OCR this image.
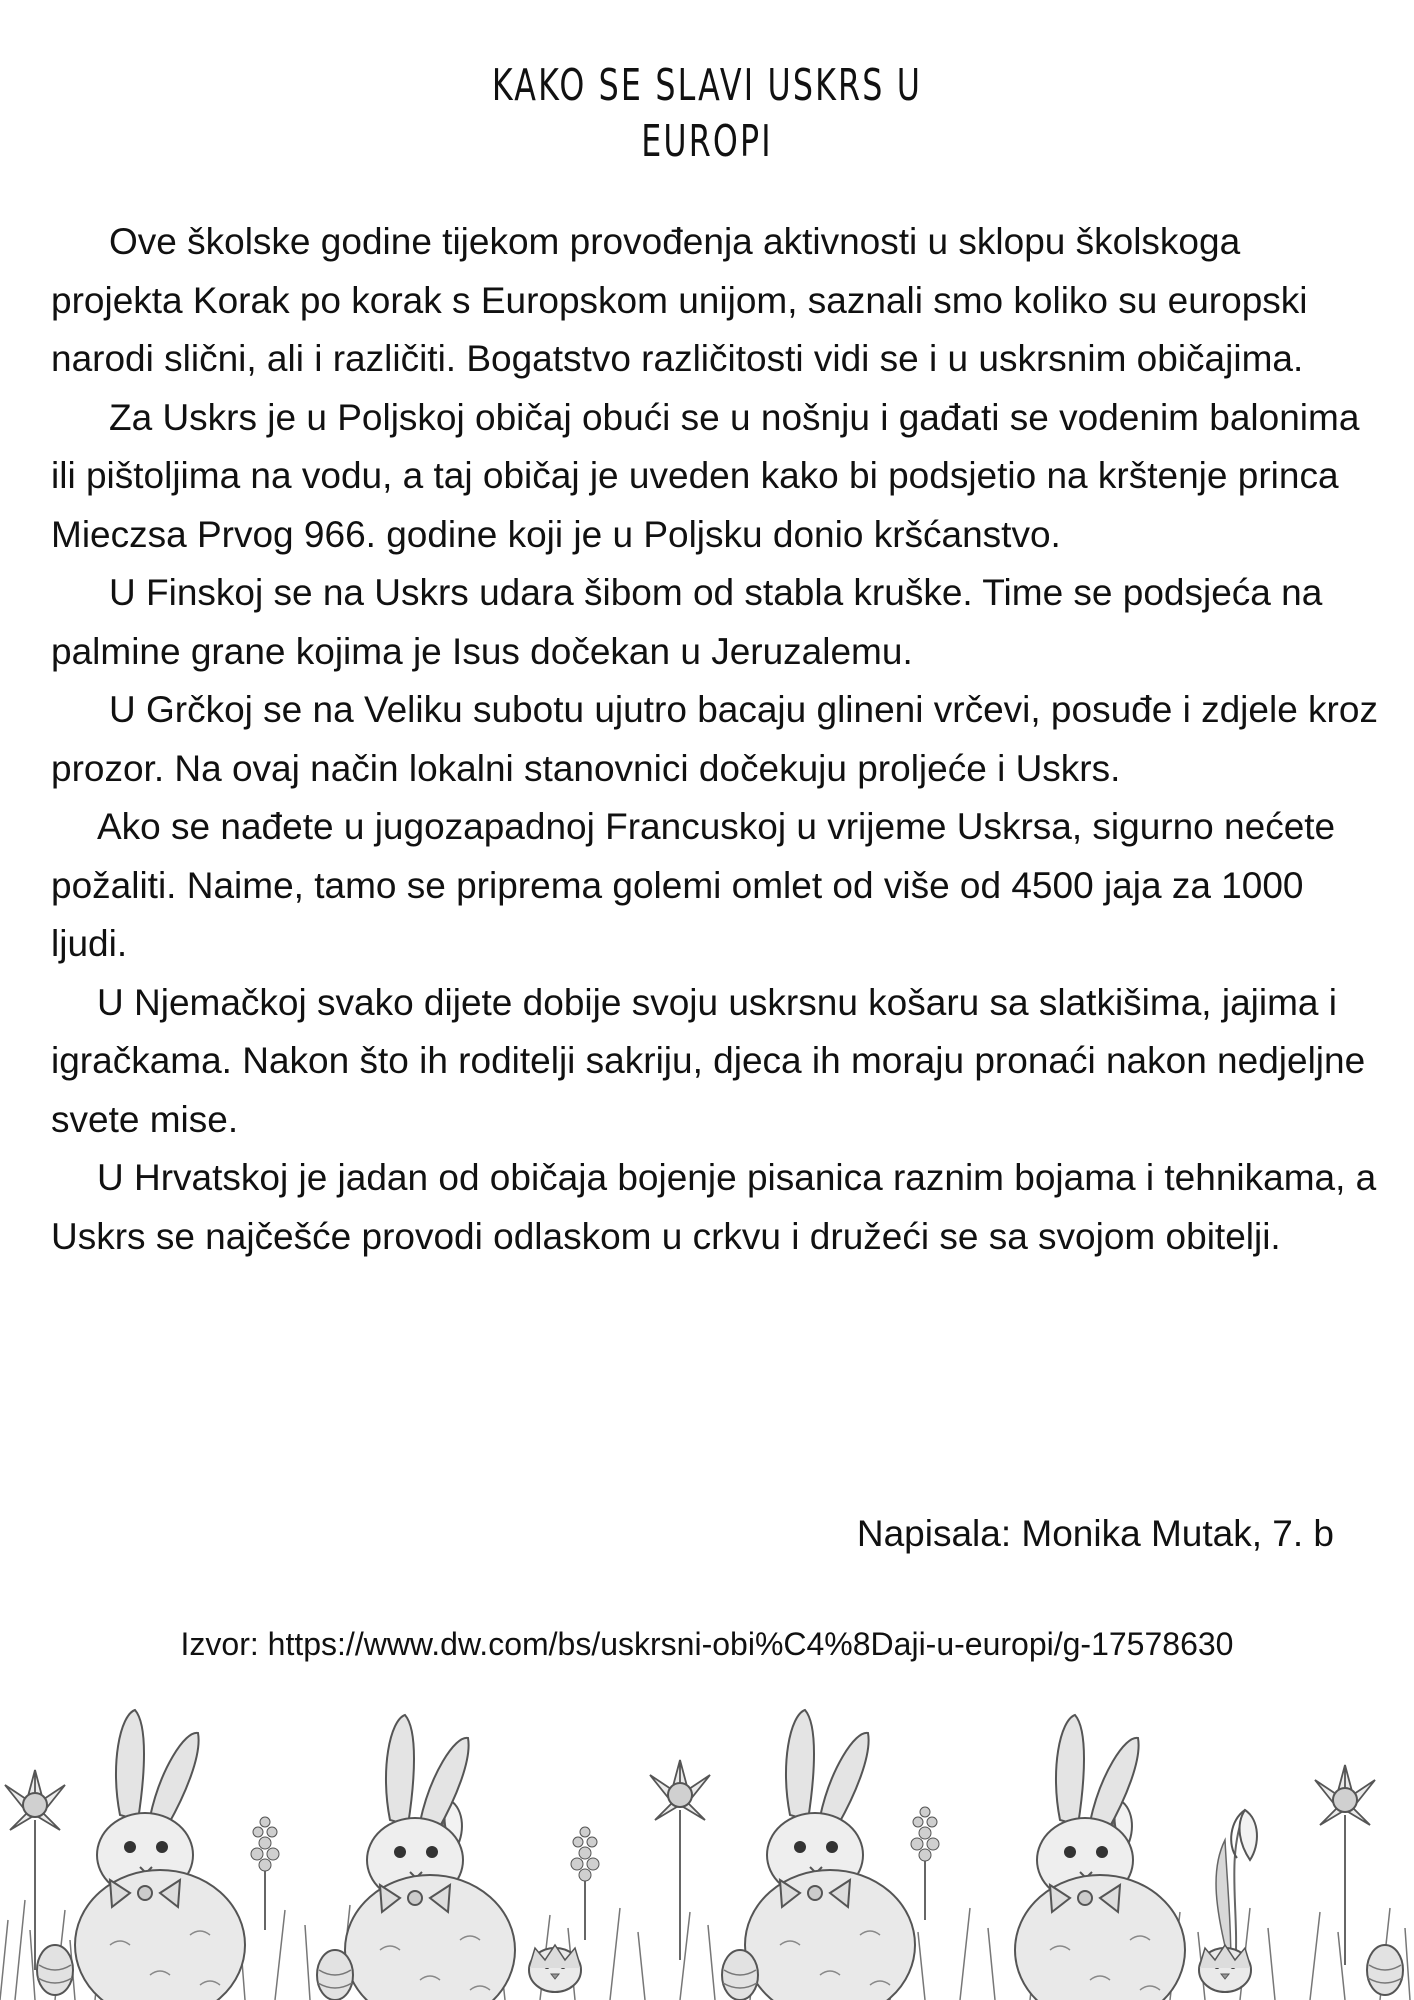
KAKO SE SLAVI USKRS U
EUROPI

Ove školske godine tijekom provođenja aktivnosti u sklopu školskoga projekta Korak po korak s Europskom unijom, saznali smo koliko su europski narodi slični, ali i različiti. Bogatstvo različitosti vidi se i u uskrsnim običajima.

Za Uskrs je u Poljskoj običaj obući se u nošnju i gađati se vodenim balonima ili pištoljima na vodu, a taj običaj je uveden kako bi podsjetio na krštenje princa Mieczsa Prvog 966. godine koji je u Poljsku donio kršćanstvo.

U Finskoj se na Uskrs udara šibom od stabla kruške. Time se podsjeća na palmine grane kojima je Isus dočekan u Jeruzalemu.

U Grčkoj se na Veliku subotu ujutro bacaju glineni vrčevi, posuđe i zdjele kroz prozor. Na ovaj način lokalni stanovnici dočekuju proljeće i Uskrs.

Ako se nađete u jugozapadnoj Francuskoj u vrijeme Uskrsa, sigurno nećete požaliti. Naime, tamo se priprema golemi omlet od više od 4500 jaja za 1000 ljudi.

U Njemačkoj svako dijete dobije svoju uskrsnu košaru sa slatkišima, jajima i igračkama. Nakon što ih roditelji sakriju, djeca ih moraju pronaći nakon nedjeljne svete mise.

U Hrvatskoj je jadan od običaja bojenje pisanica raznim bojama i tehnikama, a Uskrs se najčešće provodi odlaskom u crkvu i družeći se sa svojom obitelji.

Napisala: Monika Mutak, 7. b

Izvor: https://www.dw.com/bs/uskrsni-obi%C4%8Daji-u-europi/g-17578630
